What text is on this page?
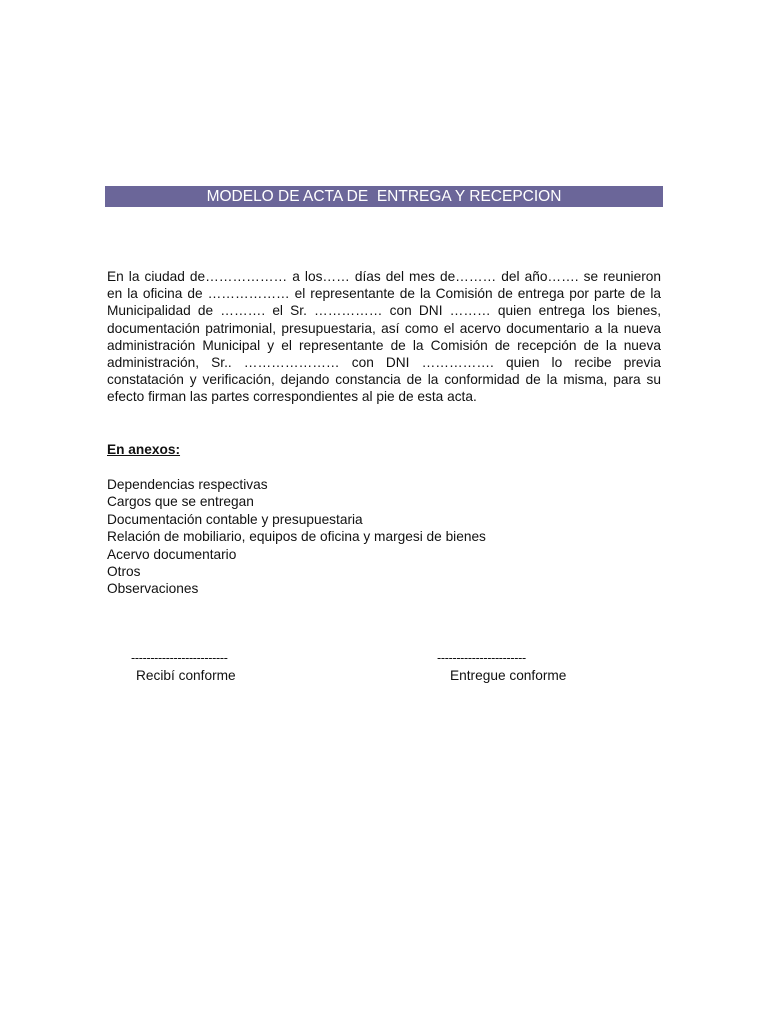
MODELO DE ACTA DE  ENTREGA Y RECEPCION

En la ciudad de……………… a los…… días del mes de……… del año……. se reunieron en la oficina de ……………… el representante de la Comisión de entrega por parte de la Municipalidad de ………. el Sr. …………… con DNI ……… quien entrega los bienes, documentación patrimonial, presupuestaria, así como el acervo documentario a la nueva administración Municipal y el representante de la Comisión de recepción de la nueva administración, Sr.. ………………… con DNI ……………. quien lo recibe previa constatación y verificación, dejando constancia de la conformidad de la misma, para su efecto firman las partes correspondientes al pie de esta acta.

En anexos:

Dependencias respectivas
Cargos que se entregan
Documentación contable y presupuestaria
Relación de mobiliario, equipos de oficina y margesi de bienes
Acervo documentario
Otros
Observaciones
-------------------------
Recibí conforme
-----------------------
Entregue conforme
